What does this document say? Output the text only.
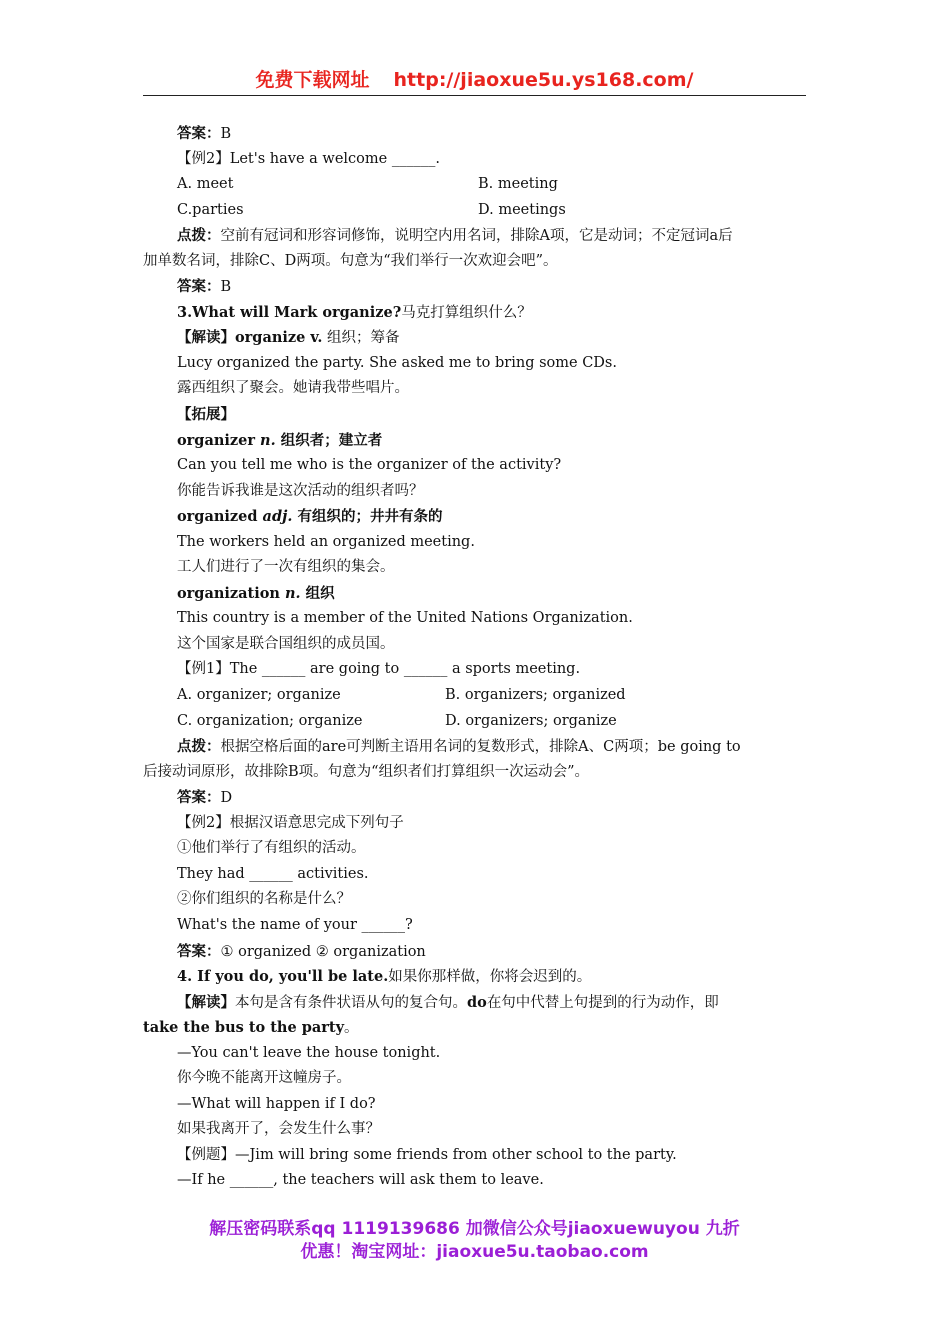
免费下载网址 http://jiaoxue5u.ys168.com/
答案：B
【例2】Let's have a welcome ______.
A. meet	B. meeting
C.parties	D. meetings
点拨：空前有冠词和形容词修饰，说明空内用名词，排除A项，它是动词；不定冠词a后
加单数名词，排除C、D两项。句意为“我们举行一次欢迎会吧”。
答案：B
3.What will Mark organize?马克打算组织什么？
【解读】organize v. 组织；筹备
Lucy organized the party. She asked me to bring some CDs.
露西组织了聚会。她请我带些唱片。
【拓展】
organizer n. 组织者；建立者
Can you tell me who is the organizer of the activity?
你能告诉我谁是这次活动的组织者吗？
organized adj. 有组织的；井井有条的
The workers held an organized meeting.
工人们进行了一次有组织的集会。
organization n. 组织
This country is a member of the United Nations Organization.
这个国家是联合国组织的成员国。
【例1】The ______ are going to ______ a sports meeting.
A. organizer; organize	B. organizers; organized
C. organization; organize	D. organizers; organize
点拨：根据空格后面的are可判断主语用名词的复数形式，排除A、C两项；be going to
后接动词原形，故排除B项。句意为“组织者们打算组织一次运动会”。
答案：D
【例2】根据汉语意思完成下列句子
①他们举行了有组织的活动。
They had ______ activities.
②你们组织的名称是什么？
What's the name of your ______?
答案：① organized ② organization
4. If you do, you'll be late.如果你那样做，你将会迟到的。
【解读】本句是含有条件状语从句的复合句。do在句中代替上句提到的行为动作，即
take the bus to the party。
—You can't leave the house tonight.
你今晚不能离开这幢房子。
—What will happen if I do?
如果我离开了，会发生什么事？
【例题】—Jim will bring some friends from other school to the party.
—If he ______, the teachers will ask them to leave.
解压密码联系qq 1119139686 加微信公众号jiaoxuewuyou 九折
优惠！淘宝网址：jiaoxue5u.taobao.com
